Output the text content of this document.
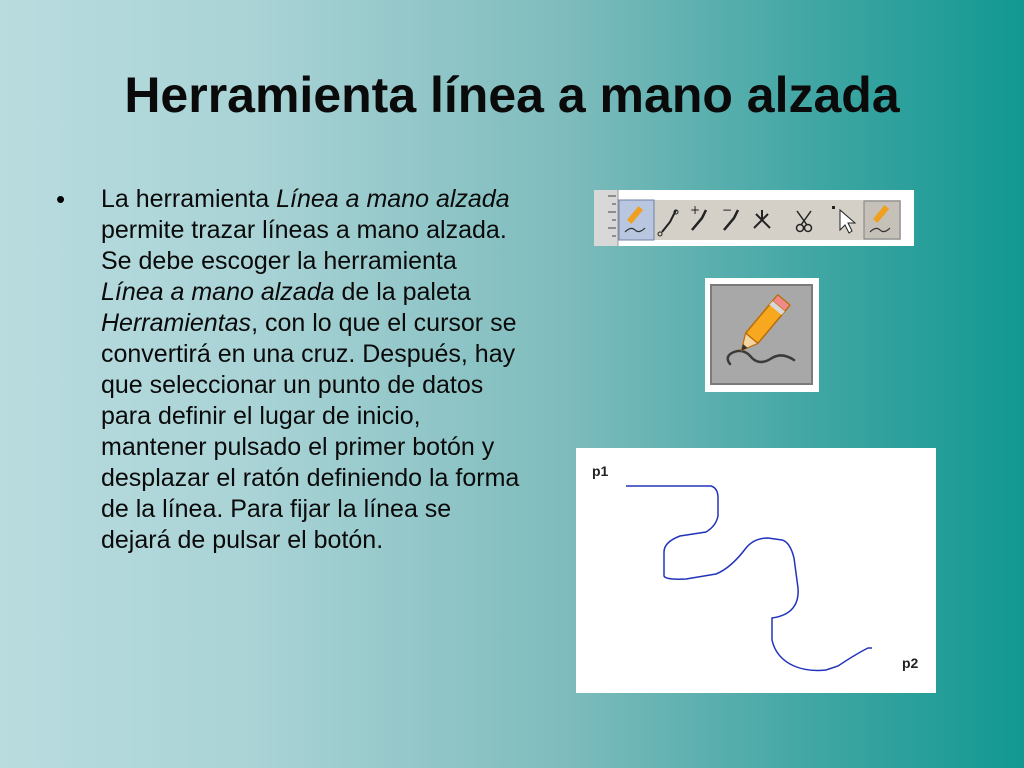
Herramienta línea a mano alzada
• La herramienta Línea a mano alzada permite trazar líneas a mano alzada. Se debe escoger la herramienta Línea a mano alzada de la paleta Herramientas, con lo que el cursor se convertirá en una cruz. Después, hay que seleccionar un punto de datos para definir el lugar de inicio, mantener pulsado el primer botón y desplazar el ratón definiendo la forma de la línea. Para fijar la línea se dejará de pulsar el botón.

+ −
p1
p2
